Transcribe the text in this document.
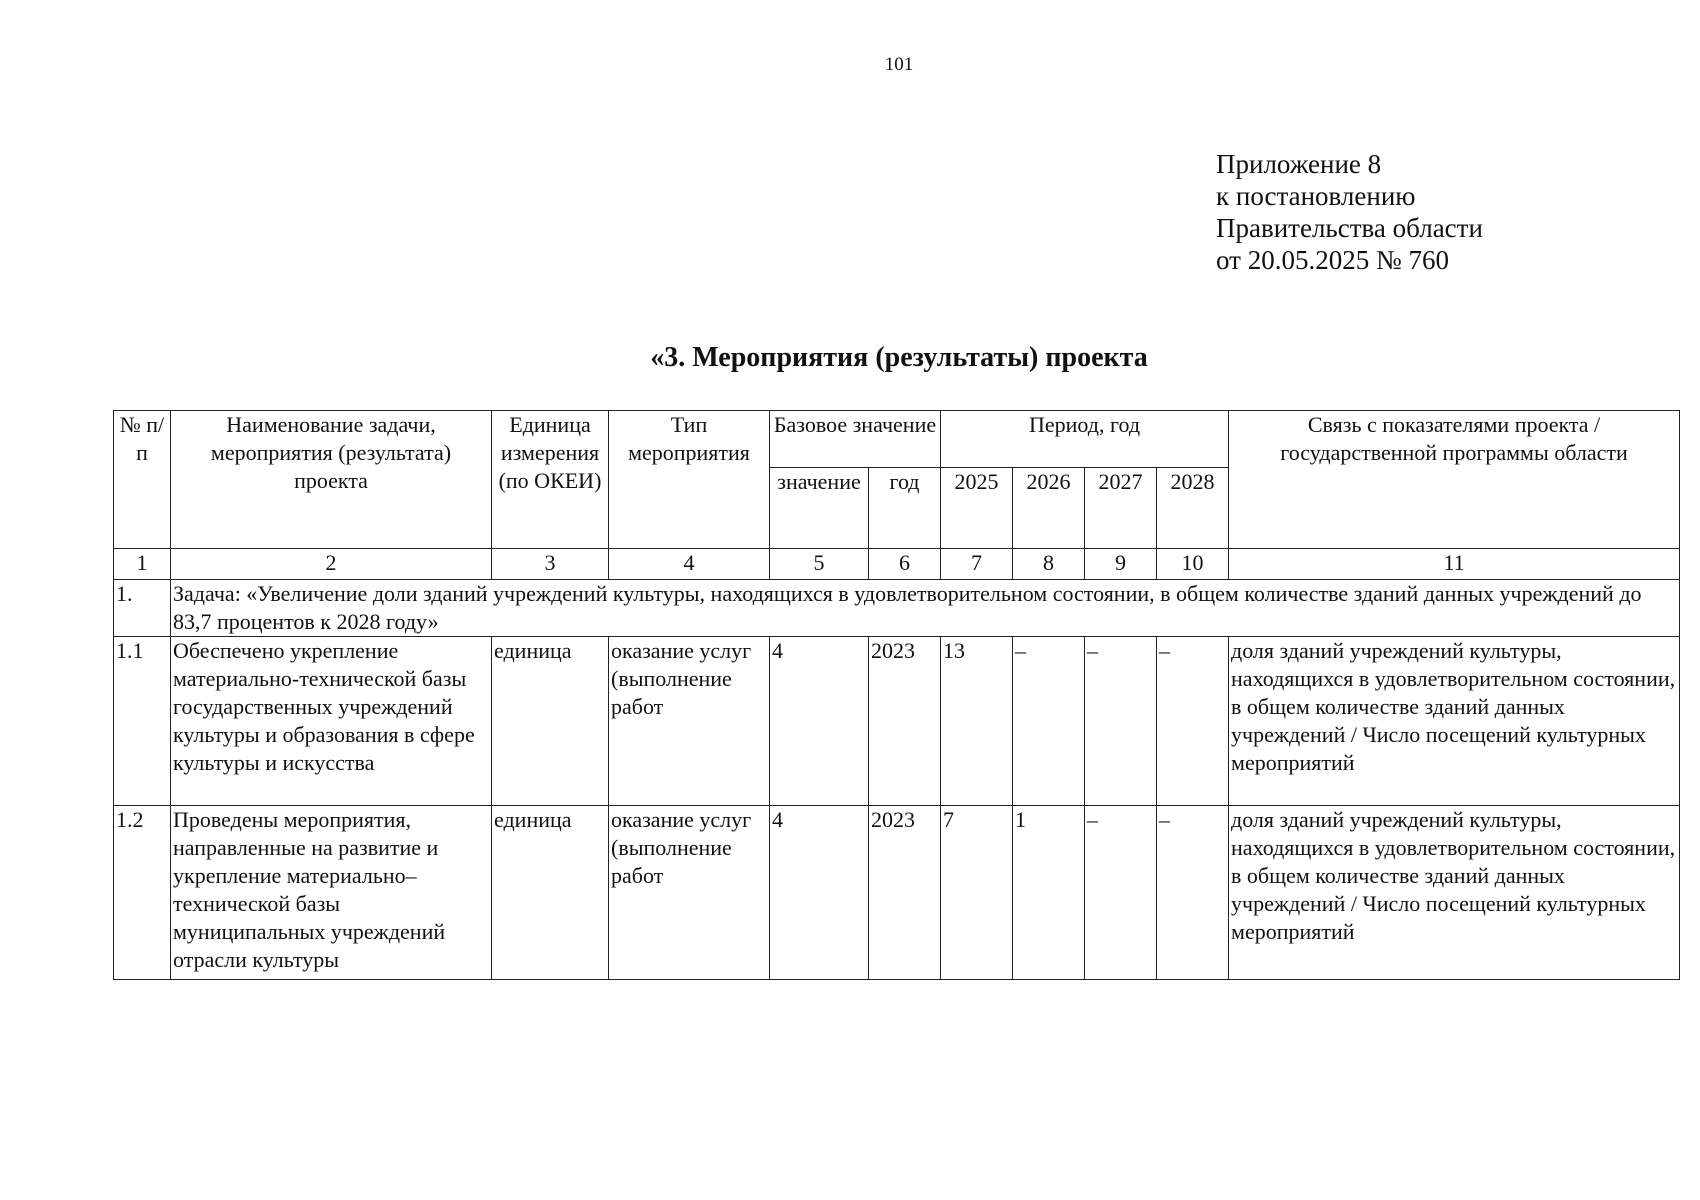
101
Приложение 8
к постановлению
Правительства области
от 20.05.2025 № 760
«3. Мероприятия (результаты) проекта
№ п/п	Наименование задачи, мероприятия (результата) проекта	Единица измерения (по ОКЕИ)	Тип мероприятия	Базовое значение		Период, год				Связь с показателями проекта / государственной программы области
				значение	год	2025	2026	2027	2028	
1	2	3	4	5	6	7	8	9	10	11
1.	Задача: «Увеличение доли зданий учреждений культуры, находящихся в удовлетворительном состоянии, в общем количестве зданий данных учреждений до 83,7 процентов к 2028 году»									
1.1	Обеспечено укрепление материально-технической базы государственных учреждений культуры и образования в сфере культуры и искусства	единица	оказание услуг (выполнение работ	4	2023	13	–	–	–	доля зданий учреждений культуры, находящихся в удовлетворительном состоянии, в общем количестве зданий данных учреждений / Число посещений культурных мероприятий
1.2	Проведены мероприятия, направленные на развитие и укрепление материально–технической базы муниципальных учреждений отрасли культуры	единица	оказание услуг (выполнение работ	4	2023	7	1	–	–	доля зданий учреждений культуры, находящихся в удовлетворительном состоянии, в общем количестве зданий данных учреждений / Число посещений культурных мероприятий
